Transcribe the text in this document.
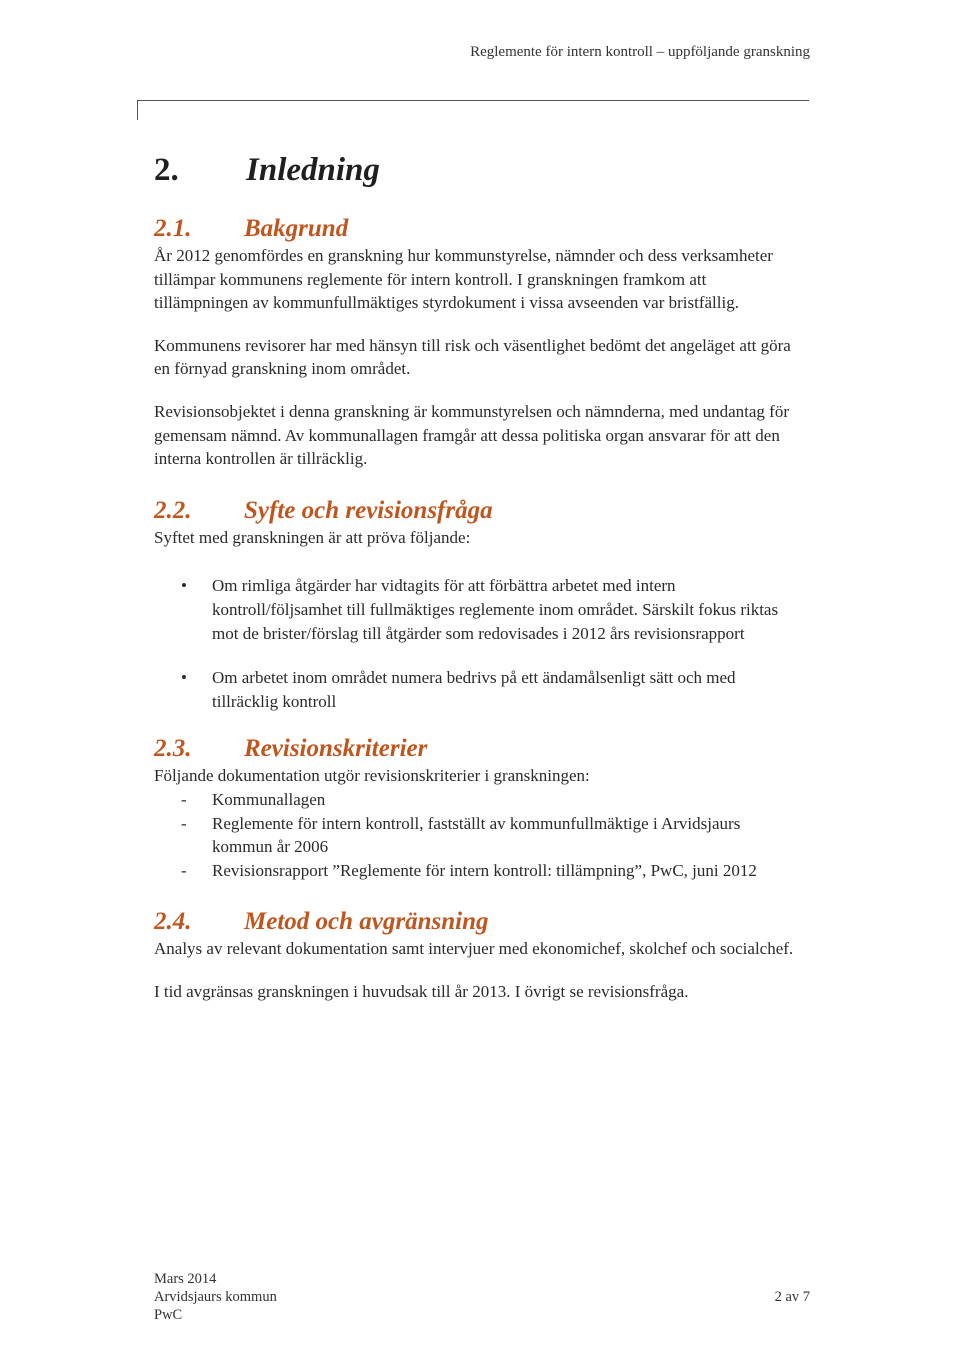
Reglemente för intern kontroll – uppföljande granskning
2.	Inledning
2.1.	Bakgrund

År 2012 genomfördes en granskning hur kommunstyrelse, nämnder och dess verksamheter tillämpar kommunens reglemente för intern kontroll. I granskningen framkom att tillämpningen av kommunfullmäktiges styrdokument i vissa avseenden var bristfällig.

Kommunens revisorer har med hänsyn till risk och väsentlighet bedömt det angeläget att göra en förnyad granskning inom området.

Revisionsobjektet i denna granskning är kommunstyrelsen och nämnderna, med undantag för gemensam nämnd. Av kommunallagen framgår att dessa politiska organ ansvarar för att den interna kontrollen är tillräcklig.

2.2.	Syfte och revisionsfråga

Syftet med granskningen är att pröva följande:

• Om rimliga åtgärder har vidtagits för att förbättra arbetet med intern kontroll/följsamhet till fullmäktiges reglemente inom området. Särskilt fokus riktas mot de brister/förslag till åtgärder som redovisades i 2012 års revisionsrapport
• Om arbetet inom området numera bedrivs på ett ändamålsenligt sätt och med tillräcklig kontroll
2.3.	Revisionskriterier

Följande dokumentation utgör revisionskriterier i granskningen:

- Kommunallagen
- Reglemente för intern kontroll, fastställt av kommunfullmäktige i Arvidsjaurs kommun år 2006
- Revisionsrapport ”Reglemente för intern kontroll: tillämpning”, PwC, juni 2012
2.4.	Metod och avgränsning

Analys av relevant dokumentation samt intervjuer med ekonomichef, skolchef och socialchef.

I tid avgränsas granskningen i huvudsak till år 2013. I övrigt se revisionsfråga.

Mars 2014
Arvidsjaurs kommun
PwC
2 av 7
